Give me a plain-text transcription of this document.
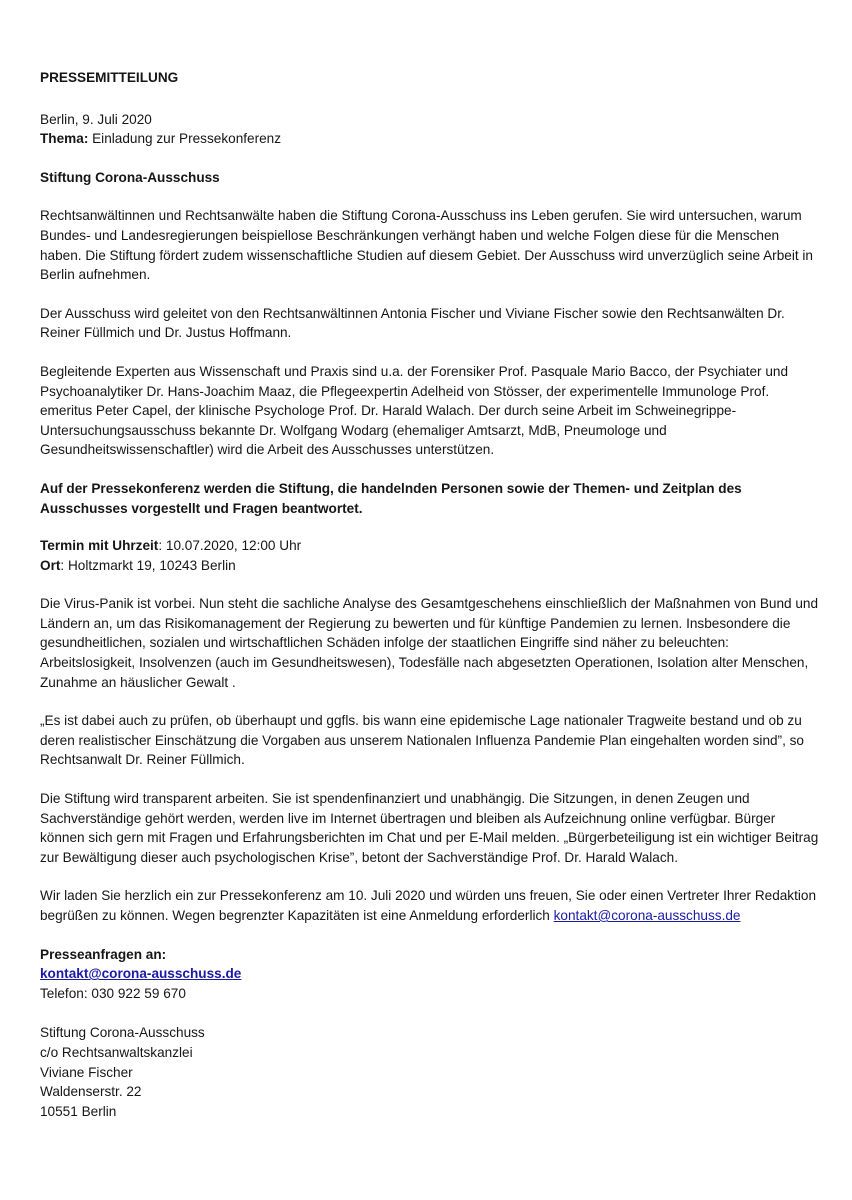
PRESSEMITTEILUNG

Berlin, 9. Juli 2020

Thema: Einladung zur Pressekonferenz

Stiftung Corona-Ausschuss

Rechtsanwältinnen und Rechtsanwälte haben die Stiftung Corona-Ausschuss ins Leben gerufen. Sie wird untersuchen, warum Bundes- und Landesregierungen beispiellose Beschränkungen verhängt haben und welche Folgen diese für die Menschen haben. Die Stiftung fördert zudem wissenschaftliche Studien auf diesem Gebiet. Der Ausschuss wird unverzüglich seine Arbeit in Berlin aufnehmen.

Der Ausschuss wird geleitet von den Rechtsanwältinnen Antonia Fischer und Viviane Fischer sowie den Rechtsanwälten Dr. Reiner Füllmich und Dr. Justus Hoffmann.

Begleitende Experten aus Wissenschaft und Praxis sind u.a. der Forensiker Prof. Pasquale Mario Bacco, der Psychiater und Psychoanalytiker Dr. Hans-Joachim Maaz, die Pflegeexpertin Adelheid von Stösser, der experimentelle Immunologe Prof. emeritus Peter Capel, der klinische Psychologe Prof. Dr. Harald Walach. Der durch seine Arbeit im Schweinegrippe-Untersuchungsausschuss bekannte Dr. Wolfgang Wodarg (ehemaliger Amtsarzt, MdB, Pneumologe und Gesundheitswissenschaftler) wird die Arbeit des Ausschusses unterstützen.

Auf der Pressekonferenz werden die Stiftung, die handelnden Personen sowie der Themen- und Zeitplan des Ausschusses vorgestellt und Fragen beantwortet.

Termin mit Uhrzeit: 10.07.2020, 12:00 Uhr

Ort: Holtzmarkt 19, 10243 Berlin

Die Virus-Panik ist vorbei. Nun steht die sachliche Analyse des Gesamtgeschehens einschließlich der Maßnahmen von Bund und Ländern an, um das Risikomanagement der Regierung zu bewerten und für künftige Pandemien zu lernen. Insbesondere die gesundheitlichen, sozialen und wirtschaftlichen Schäden infolge der staatlichen Eingriffe sind näher zu beleuchten: Arbeitslosigkeit, Insolvenzen (auch im Gesundheitswesen), Todesfälle nach abgesetzten Operationen, Isolation alter Menschen, Zunahme an häuslicher Gewalt .

„Es ist dabei auch zu prüfen, ob überhaupt und ggfls. bis wann eine epidemische Lage nationaler Tragweite bestand und ob zu deren realistischer Einschätzung die Vorgaben aus unserem Nationalen Influenza Pandemie Plan eingehalten worden sind”, so Rechtsanwalt Dr. Reiner Füllmich.

Die Stiftung wird transparent arbeiten. Sie ist spendenfinanziert und unabhängig. Die Sitzungen, in denen Zeugen und Sachverständige gehört werden, werden live im Internet übertragen und bleiben als Aufzeichnung online verfügbar. Bürger können sich gern mit Fragen und Erfahrungsberichten im Chat und per E-Mail melden. „Bürgerbeteiligung ist ein wichtiger Beitrag zur Bewältigung dieser auch psychologischen Krise”, betont der Sachverständige Prof. Dr. Harald Walach.

Wir laden Sie herzlich ein zur Pressekonferenz am 10. Juli 2020 und würden uns freuen, Sie oder einen Vertreter Ihrer Redaktion begrüßen zu können. Wegen begrenzter Kapazitäten ist eine Anmeldung erforderlich kontakt@corona-ausschuss.de

Presseanfragen an:

kontakt@corona-ausschuss.de

Telefon: 030 922 59 670

Stiftung Corona-Ausschuss
c/o Rechtsanwaltskanzlei
Viviane Fischer
Waldenserstr. 22
10551 Berlin
